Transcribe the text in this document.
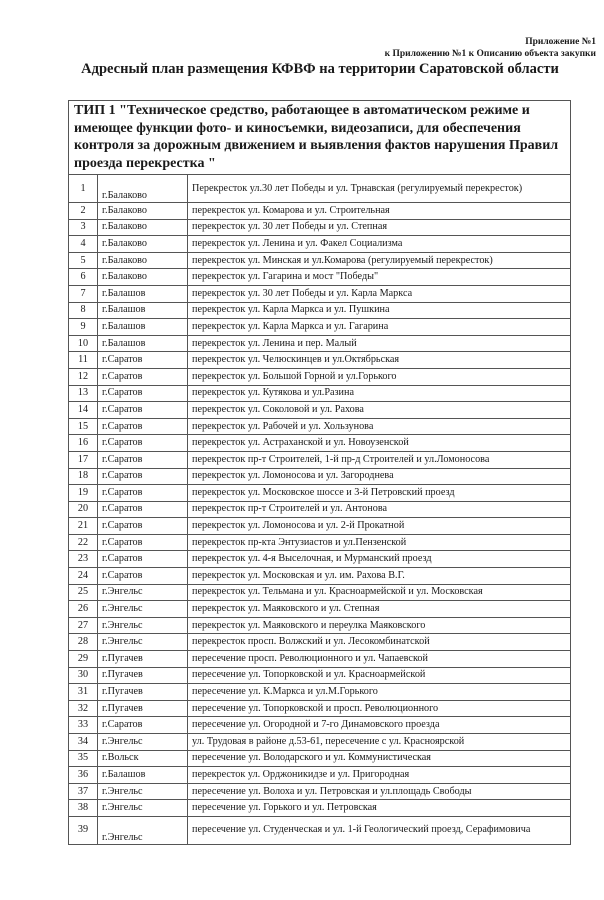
Приложение №1
к Приложению №1 к Описанию объекта закупки
Адресный план размещения КФВФ на территории Саратовской области
ТИП 1 "Техническое средство, работающее в автоматическом режиме и имеющее функции фото- и киносъемки, видеозаписи, для обеспечения контроля за дорожным движением и выявления фактов нарушения Правил проезда перекрестка "		
1	г.Балаково	Перекресток ул.30 лет Победы и ул. Трнавская (регулируемый перекресток)
2	г.Балаково	перекресток ул. Комарова и ул. Строительная
3	г.Балаково	перекресток ул. 30 лет Победы и ул. Степная
4	г.Балаково	перекресток ул. Ленина и ул. Факел Социализма
5	г.Балаково	перекресток ул. Минская и ул.Комарова (регулируемый перекресток)
6	г.Балаково	перекресток ул. Гагарина и мост "Победы"
7	г.Балашов	перекресток ул. 30 лет Победы и ул. Карла Маркса
8	г.Балашов	перекресток ул. Карла Маркса и ул. Пушкина
9	г.Балашов	перекресток ул. Карла Маркса и ул. Гагарина
10	г.Балашов	перекресток ул. Ленина и пер. Малый
11	г.Саратов	перекресток ул. Челюскинцев и ул.Октябрьская
12	г.Саратов	перекресток ул. Большой Горной и ул.Горького
13	г.Саратов	перекресток ул. Кутякова и ул.Разина
14	г.Саратов	перекресток ул. Соколовой и ул. Рахова
15	г.Саратов	перекресток ул. Рабочей и ул. Хользунова
16	г.Саратов	перекресток ул. Астраханской и ул. Новоузенской
17	г.Саратов	перекресток пр-т Строителей, 1-й пр-д Строителей и ул.Ломоносова
18	г.Саратов	перекресток ул. Ломоносова и ул. Загороднева
19	г.Саратов	перекресток ул. Московское шоссе и 3-й Петровский проезд
20	г.Саратов	перекресток пр-т Строителей и ул. Антонова
21	г.Саратов	перекресток ул. Ломоносова и ул. 2-й Прокатной
22	г.Саратов	перекресток пр-кта Энтузиастов и ул.Пензенской
23	г.Саратов	перекресток ул. 4-я Выселочная, и Мурманский проезд
24	г.Саратов	перекресток ул. Московская и ул. им. Рахова В.Г.
25	г.Энгельс	перекресток ул. Тельмана и ул. Красноармейской и ул. Московская
26	г.Энгельс	перекресток ул. Маяковского и ул. Степная
27	г.Энгельс	перекресток ул. Маяковского и переулка Маяковского
28	г.Энгельс	перекресток просп. Волжский и ул. Лесокомбинатской
29	г.Пугачев	пересечение просп. Революционного и ул. Чапаевской
30	г.Пугачев	пересечение ул. Топорковской и ул. Красноармейской
31	г.Пугачев	пересечение ул. К.Маркса и ул.М.Горького
32	г.Пугачев	пересечение ул. Топорковской и просп. Революционного
33	г.Саратов	пересечение ул. Огородной и 7-го Динамовского проезда
34	г.Энгельс	ул. Трудовая в районе д.53-61, пересечение с ул. Красноярской
35	г.Вольск	пересечение ул. Володарского и ул. Коммунистическая
36	г.Балашов	перекресток ул. Орджоникидзе и ул. Пригородная
37	г.Энгельс	пересечение ул. Волоха и ул. Петровская и ул.площадь Свободы
38	г.Энгельс	пересечение ул. Горького и ул. Петровская
39	г.Энгельс	пересечение ул. Студенческая и ул. 1-й Геологический проезд, Серафимовича
